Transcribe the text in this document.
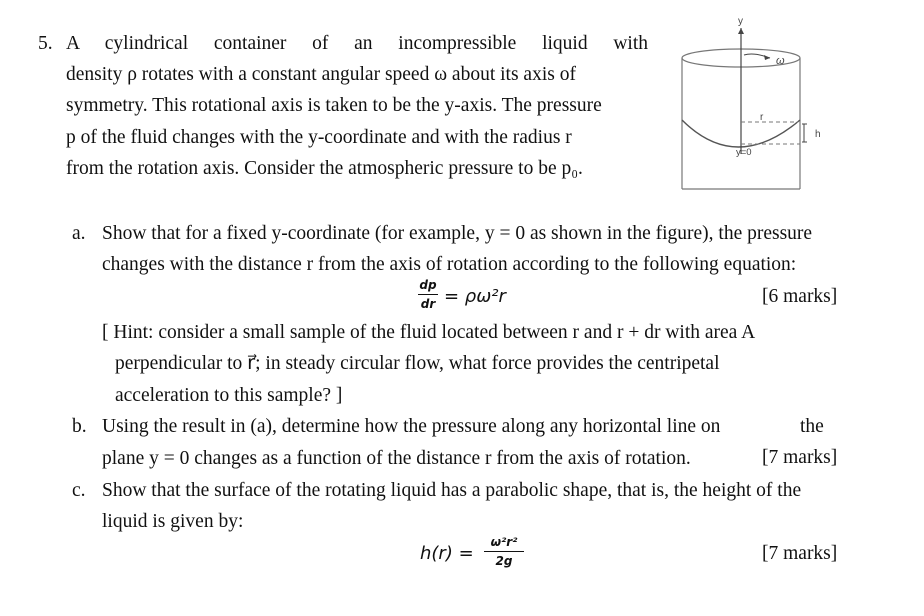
5. A cylindrical container of an incompressible liquid with
density ρ rotates with a constant angular speed ω about its axis of
symmetry. This rotational axis is taken to be the y-axis. The pressure
p of the fluid changes with the y-coordinate and with the radius r
from the rotation axis. Consider the atmospheric pressure to be p₀.
y
ω
r
h
y=0
a. Show that for a fixed y-coordinate (for example, y = 0 as shown in the figure), the pressure
changes with the distance r from the axis of rotation according to the following equation:
dp
dr = ρω²r	[6 marks]
[ Hint: consider a small sample of the fluid located between r and r + dr with area A
perpendicular to r⃗; in steady circular flow, what force provides the centripetal
acceleration to this sample? ]
b. Using the result in (a), determine how the pressure along any horizontal line on	the
plane y = 0 changes as a function of the distance r from the axis of rotation.	[7 marks]
c. Show that the surface of the rotating liquid has a parabolic shape, that is, the height of the
liquid is given by:
h(r) =
ω²r²
2g	[7 marks]
